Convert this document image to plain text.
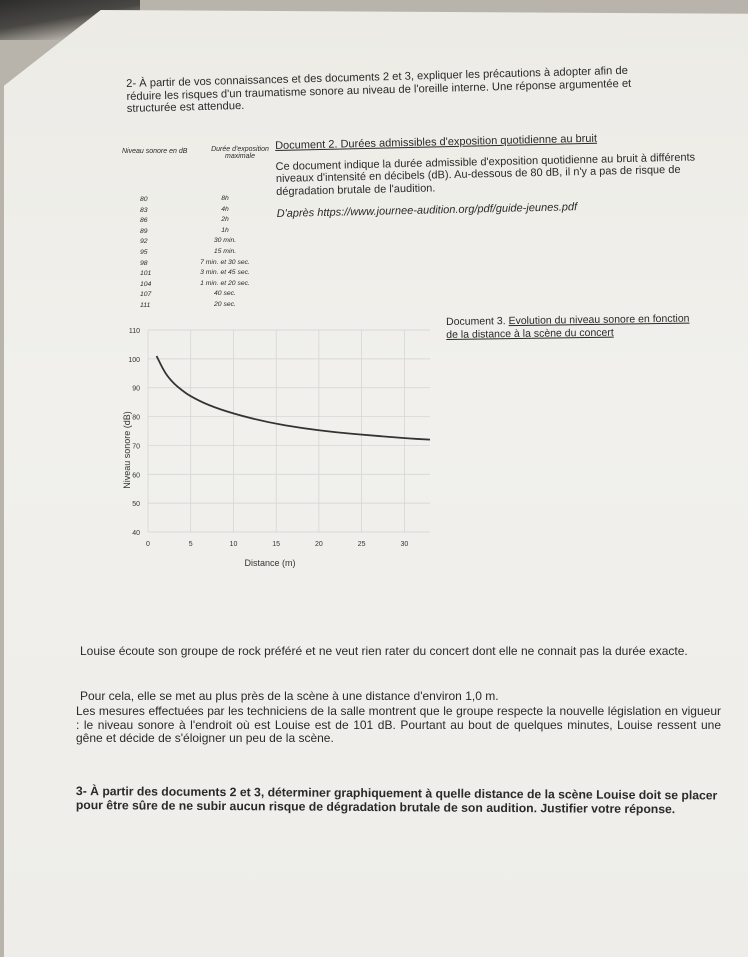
2- À partir de vos connaissances et des documents 2 et 3, expliquer les précautions à adopter afin de réduire les risques d'un traumatisme sonore au niveau de l'oreille interne. Une réponse argumentée et structurée est attendue.
Niveau sonore en dB	Durée d'exposition maximale
80	8h
83	4h
86	2h
89	1h
92	30 min.
95	15 min.
98	7 min. et 30 sec.
101	3 min. et 45 sec.
104	1 min. et 20 sec.
107	40 sec.
111	20 sec.
Document 2. Durées admissibles d'exposition quotidienne au bruit
Ce document indique la durée admissible d'exposition quotidienne au bruit à différents niveaux d'intensité en décibels (dB). Au-dessous de 80 dB, il n'y a pas de risque de dégradation brutale de l'audition.
D'après https://www.journee-audition.org/pdf/guide-jeunes.pdf
Document 3. Evolution du niveau sonore en fonction de la distance à la scène du concert
0	5	10	15	20	25	30
40
50
60
70
80
90
100
110
Distance (m)
Niveau sonore (dB)
Louise écoute son groupe de rock préféré et ne veut rien rater du concert dont elle ne connait pas la durée exacte.
Pour cela, elle se met au plus près de la scène à une distance d'environ 1,0 m.
Les mesures effectuées par les techniciens de la salle montrent que le groupe respecte la nouvelle législation en vigueur : le niveau sonore à l'endroit où est Louise est de 101 dB. Pourtant au bout de quelques minutes, Louise ressent une gêne et décide de s'éloigner un peu de la scène.
3- À partir des documents 2 et 3, déterminer graphiquement à quelle distance de la scène Louise doit se placer pour être sûre de ne subir aucun risque de dégradation brutale de son audition. Justifier votre réponse.
